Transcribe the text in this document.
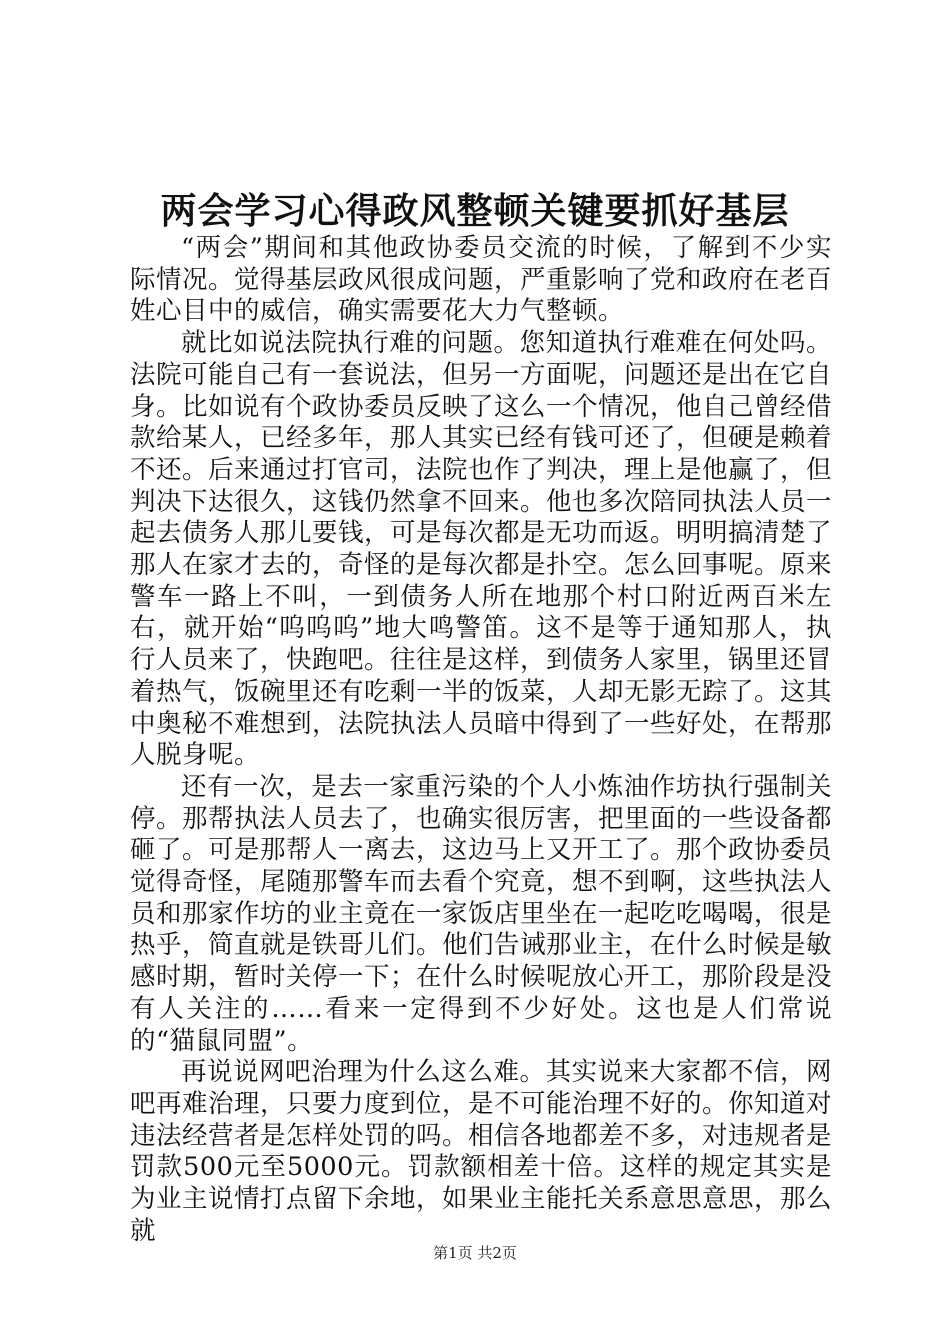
两会学习心得政风整顿关键要抓好基层

“两会”期间和其他政协委员交流的时候，了解到不少实际情况。觉得基层政风很成问题，严重影响了党和政府在老百姓心目中的威信，确实需要花大力气整顿。

就比如说法院执行难的问题。您知道执行难难在何处吗。法院可能自己有一套说法，但另一方面呢，问题还是出在它自身。比如说有个政协委员反映了这么一个情况，他自己曾经借款给某人，已经多年，那人其实已经有钱可还了，但硬是赖着不还。后来通过打官司，法院也作了判决，理上是他赢了，但判决下达很久，这钱仍然拿不回来。他也多次陪同执法人员一起去债务人那儿要钱，可是每次都是无功而返。明明搞清楚了那人在家才去的，奇怪的是每次都是扑空。怎么回事呢。原来警车一路上不叫，一到债务人所在地那个村口附近两百米左右，就开始“呜呜呜”地大鸣警笛。这不是等于通知那人，执行人员来了，快跑吧。往往是这样，到债务人家里，锅里还冒着热气，饭碗里还有吃剩一半的饭菜，人却无影无踪了。这其中奥秘不难想到，法院执法人员暗中得到了一些好处，在帮那人脱身呢。

还有一次，是去一家重污染的个人小炼油作坊执行强制关停。那帮执法人员去了，也确实很厉害，把里面的一些设备都砸了。可是那帮人一离去，这边马上又开工了。那个政协委员觉得奇怪，尾随那警车而去看个究竟，想不到啊，这些执法人员和那家作坊的业主竟在一家饭店里坐在一起吃吃喝喝，很是热乎，简直就是铁哥儿们。他们告诫那业主，在什么时候是敏感时期，暂时关停一下；在什么时候呢放心开工，那阶段是没有人关注的……看来一定得到不少好处。这也是人们常说的“猫鼠同盟”。

再说说网吧治理为什么这么难。其实说来大家都不信，网吧再难治理，只要力度到位，是不可能治理不好的。你知道对违法经营者是怎样处罚的吗。相信各地都差不多，对违规者是罚款500元至5000元。罚款额相差十倍。这样的规定其实是为业主说情打点留下余地，如果业主能托关系意思意思，那么就

第1页 共2页
